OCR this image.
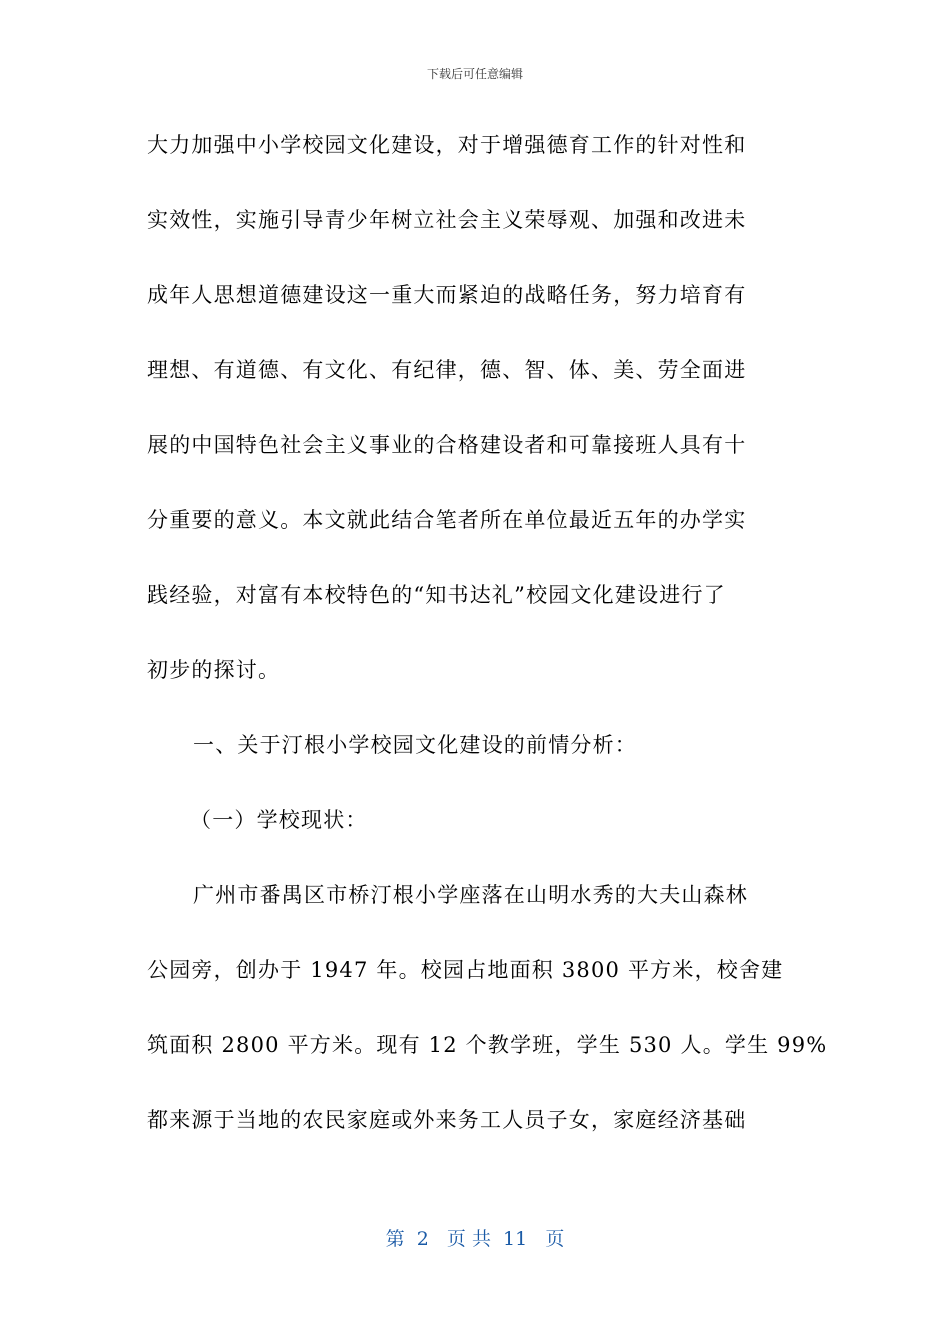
下载后可任意编辑
大力加强中小学校园文化建设，对于增强德育工作的针对性和
实效性，实施引导青少年树立社会主义荣辱观、加强和改进未
成年人思想道德建设这一重大而紧迫的战略任务，努力培育有
理想、有道德、有文化、有纪律，德、智、体、美、劳全面进
展的中国特色社会主义事业的合格建设者和可靠接班人具有十
分重要的意义。本文就此结合笔者所在单位最近五年的办学实
践经验，对富有本校特色的“知书达礼”校园文化建设进行了
初步的探讨。
一、关于汀根小学校园文化建设的前情分析：
（一）学校现状：
广州市番禺区市桥汀根小学座落在山明水秀的大夫山森林
公园旁，创办于 1947 年。校园占地面积 3800 平方米，校舍建
筑面积 2800 平方米。现有 12 个教学班，学生 530 人。学生 99%
都来源于当地的农民家庭或外来务工人员子女，家庭经济基础
第  2   页 共  11   页
